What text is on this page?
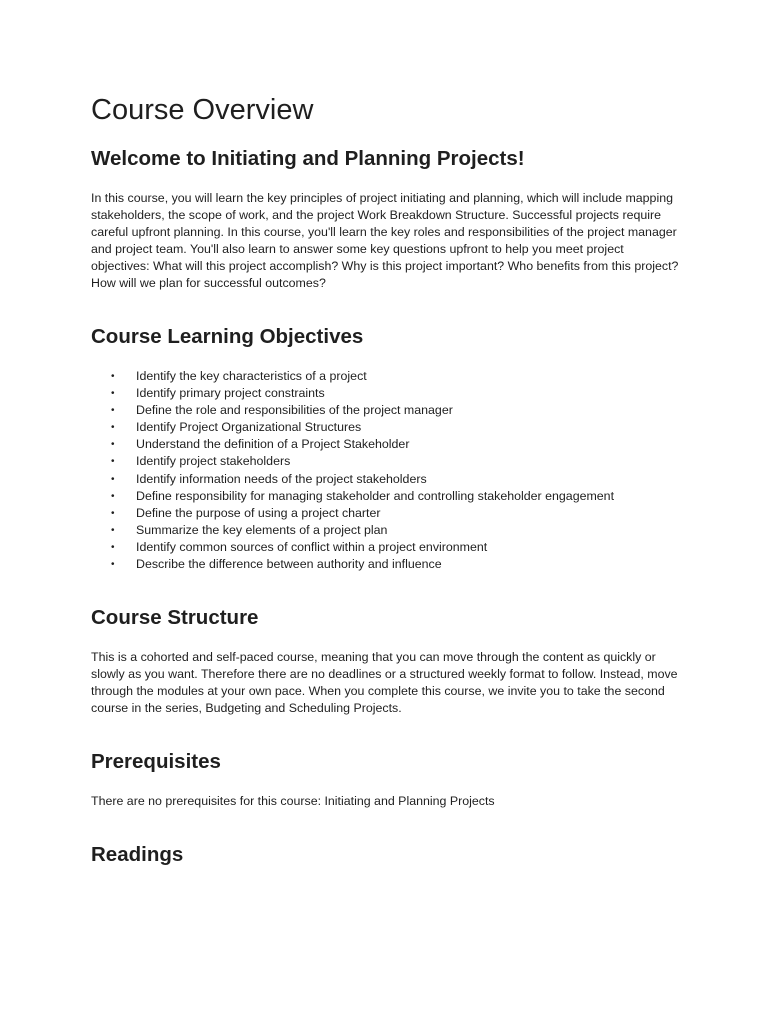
Course Overview
Welcome to Initiating and Planning Projects!

In this course, you will learn the key principles of project initiating and planning, which will include mapping stakeholders, the scope of work, and the project Work Breakdown Structure. Successful projects require careful upfront planning. In this course, you'll learn the key roles and responsibilities of the project manager and project team. You'll also learn to answer some key questions upfront to help you meet project objectives: What will this project accomplish? Why is this project important? Who benefits from this project? How will we plan for successful outcomes?

Course Learning Objectives
• Identify the key characteristics of a project
• Identify primary project constraints
• Define the role and responsibilities of the project manager
• Identify Project Organizational Structures
• Understand the definition of a Project Stakeholder
• Identify project stakeholders
• Identify information needs of the project stakeholders
• Define responsibility for managing stakeholder and controlling stakeholder engagement
• Define the purpose of using a project charter
• Summarize the key elements of a project plan
• Identify common sources of conflict within a project environment
• Describe the difference between authority and influence
Course Structure

This is a cohorted and self-paced course, meaning that you can move through the content as quickly or slowly as you want. Therefore there are no deadlines or a structured weekly format to follow. Instead, move through the modules at your own pace. When you complete this course, we invite you to take the second course in the series, Budgeting and Scheduling Projects.

Prerequisites

There are no prerequisites for this course: Initiating and Planning Projects

Readings
